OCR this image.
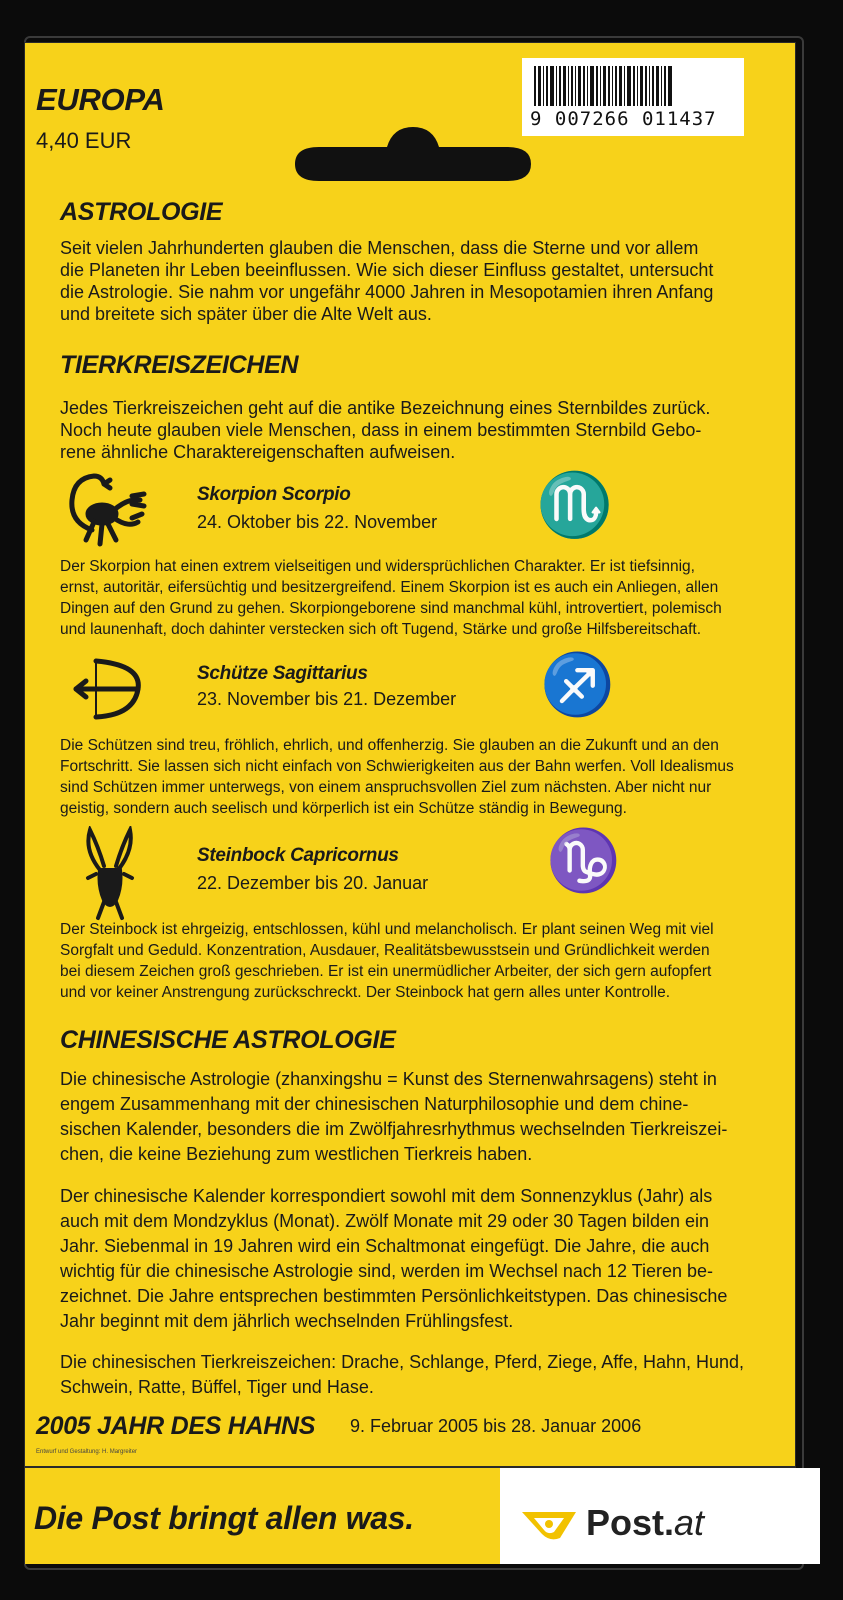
EUROPA
4,40 EUR
9 007266 011437
ASTROLOGIE
Seit vielen Jahrhunderten glauben die Menschen, dass die Sterne und vor allem
die Planeten ihr Leben beeinflussen. Wie sich dieser Einfluss gestaltet, untersucht
die Astrologie. Sie nahm vor ungefähr 4000 Jahren in Mesopotamien ihren Anfang
und breitete sich später über die Alte Welt aus.
TIERKREISZEICHEN
Jedes Tierkreiszeichen geht auf die antike Bezeichnung eines Sternbildes zurück.
Noch heute glauben viele Menschen, dass in einem bestimmten Sternbild Gebo-
rene ähnliche Charaktereigenschaften aufweisen.
Skorpion Scorpio
24. Oktober bis 22. November ♏
Der Skorpion hat einen extrem vielseitigen und widersprüchlichen Charakter. Er ist tiefsinnig,
ernst, autoritär, eifersüchtig und besitzergreifend. Einem Skorpion ist es auch ein Anliegen, allen
Dingen auf den Grund zu gehen. Skorpiongeborene sind manchmal kühl, introvertiert, polemisch
und launenhaft, doch dahinter verstecken sich oft Tugend, Stärke und große Hilfsbereitschaft.
Schütze Sagittarius
23. November bis 21. Dezember ♐
Die Schützen sind treu, fröhlich, ehrlich, und offenherzig. Sie glauben an die Zukunft und an den
Fortschritt. Sie lassen sich nicht einfach von Schwierigkeiten aus der Bahn werfen. Voll Idealismus
sind Schützen immer unterwegs, von einem anspruchsvollen Ziel zum nächsten. Aber nicht nur
geistig, sondern auch seelisch und körperlich ist ein Schütze ständig in Bewegung.
Steinbock Capricornus
22. Dezember bis 20. Januar ♑
Der Steinbock ist ehrgeizig, entschlossen, kühl und melancholisch. Er plant seinen Weg mit viel
Sorgfalt und Geduld. Konzentration, Ausdauer, Realitätsbewusstsein und Gründlichkeit werden
bei diesem Zeichen groß geschrieben. Er ist ein unermüdlicher Arbeiter, der sich gern aufopfert
und vor keiner Anstrengung zurückschreckt. Der Steinbock hat gern alles unter Kontrolle.
CHINESISCHE ASTROLOGIE
Die chinesische Astrologie (zhanxingshu = Kunst des Sternenwahrsagens) steht in
engem Zusammenhang mit der chinesischen Naturphilosophie und dem chine-
sischen Kalender, besonders die im Zwölfjahresrhythmus wechselnden Tierkreiszei-
chen, die keine Beziehung zum westlichen Tierkreis haben.
Der chinesische Kalender korrespondiert sowohl mit dem Sonnenzyklus (Jahr) als
auch mit dem Mondzyklus (Monat). Zwölf Monate mit 29 oder 30 Tagen bilden ein
Jahr. Siebenmal in 19 Jahren wird ein Schaltmonat eingefügt. Die Jahre, die auch
wichtig für die chinesische Astrologie sind, werden im Wechsel nach 12 Tieren be-
zeichnet. Die Jahre entsprechen bestimmten Persönlichkeitstypen. Das chinesische
Jahr beginnt mit dem jährlich wechselnden Frühlingsfest.
Die chinesischen Tierkreiszeichen: Drache, Schlange, Pferd, Ziege, Affe, Hahn, Hund,
Schwein, Ratte, Büffel, Tiger und Hase.
2005 JAHR DES HAHNS 9. Februar 2005 bis 28. Januar 2006
Entwurf und Gestaltung: H. Margreiter
Die Post bringt allen was.	Post.at
